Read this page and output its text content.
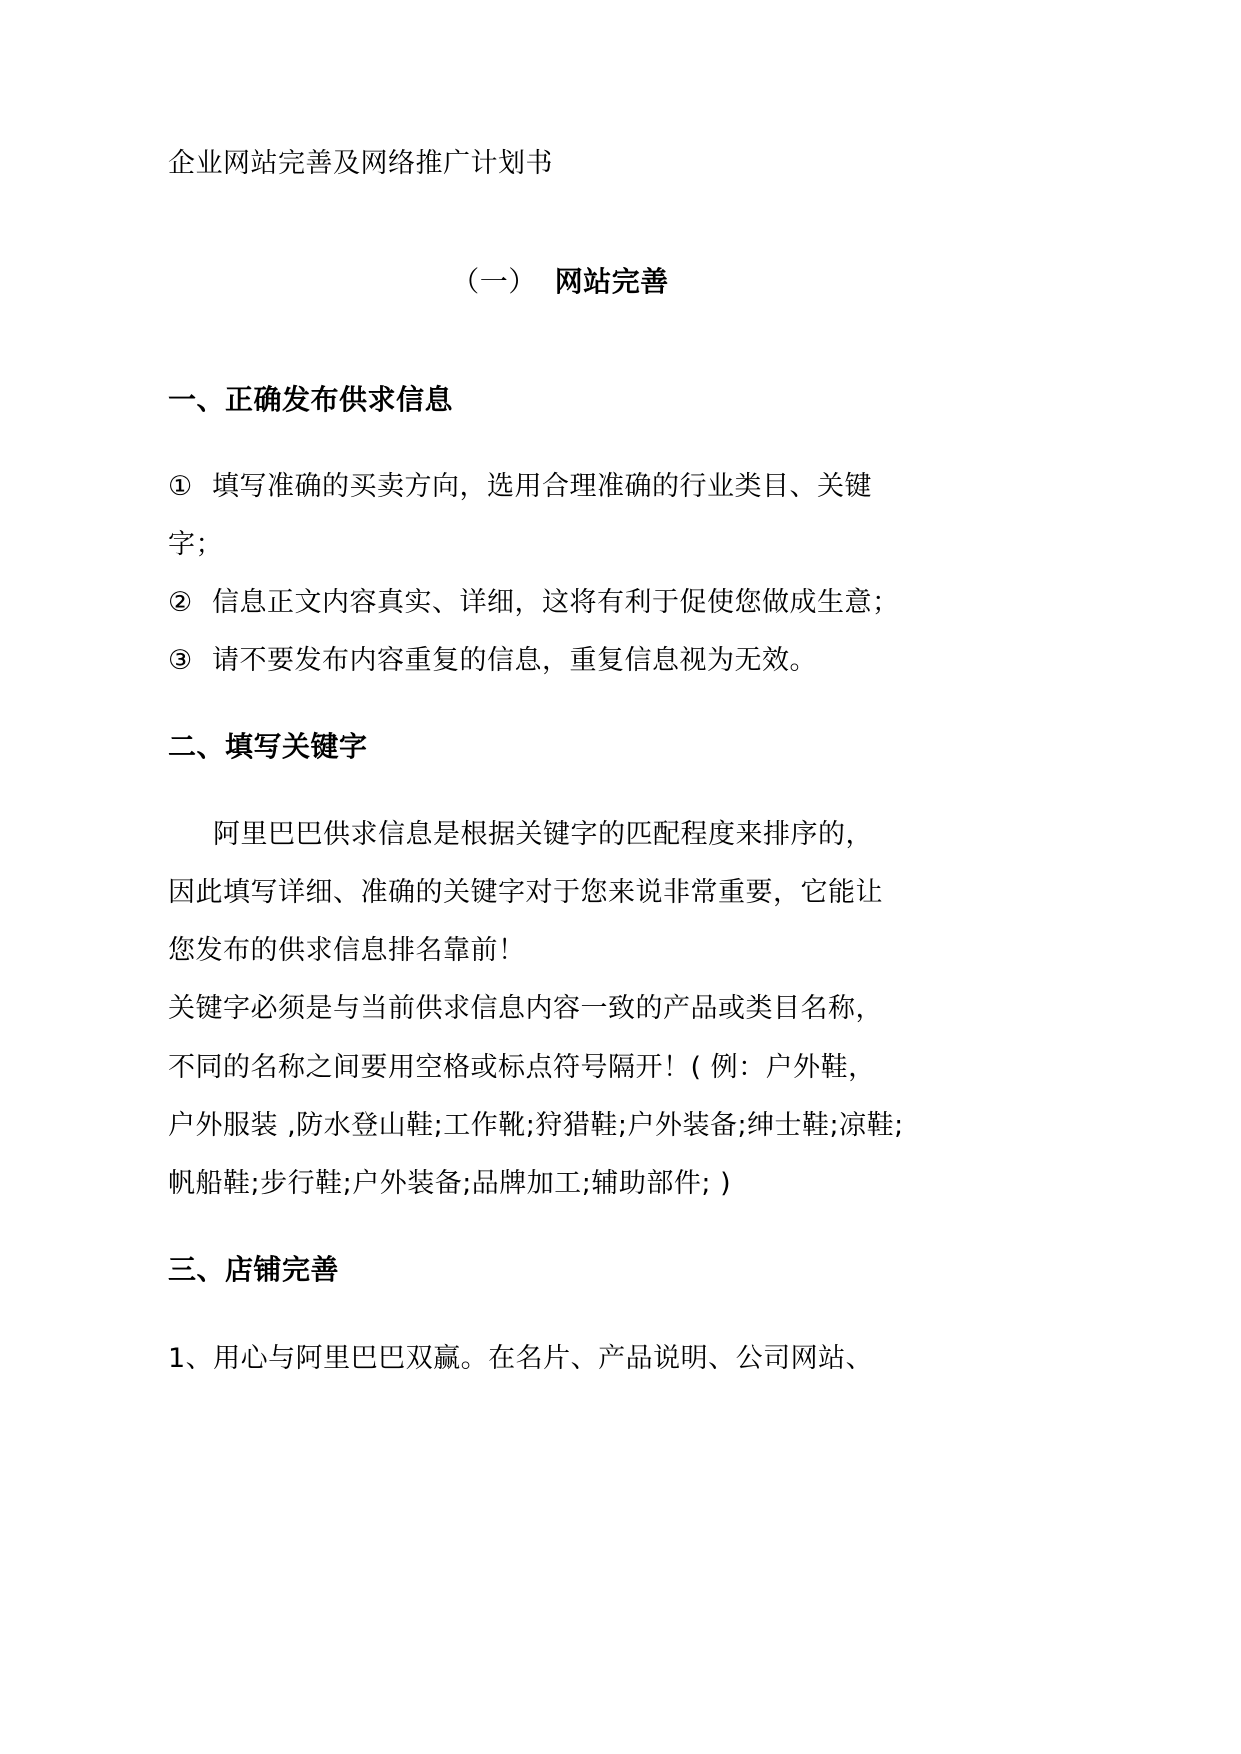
企业网站完善及网络推广计划书
（一） 网站完善
一、正确发布供求信息
① 填写准确的买卖方向，选用合理准确的行业类目、关键
字；
② 信息正文内容真实、详细，这将有利于促使您做成生意；
③ 请不要发布内容重复的信息，重复信息视为无效。
二、填写关键字
阿里巴巴供求信息是根据关键字的匹配程度来排序的，
因此填写详细、准确的关键字对于您来说非常重要，它能让
您发布的供求信息排名靠前！
关键字必须是与当前供求信息内容一致的产品或类目名称，
不同的名称之间要用空格或标点符号隔开！( 例：户外鞋，
户外服装 ,防水登山鞋;工作靴;狩猎鞋;户外装备;绅士鞋;凉鞋;
帆船鞋;步行鞋;户外装备;品牌加工;辅助部件; )
三、店铺完善
1、用心与阿里巴巴双赢。在名片、产品说明、公司网站、
